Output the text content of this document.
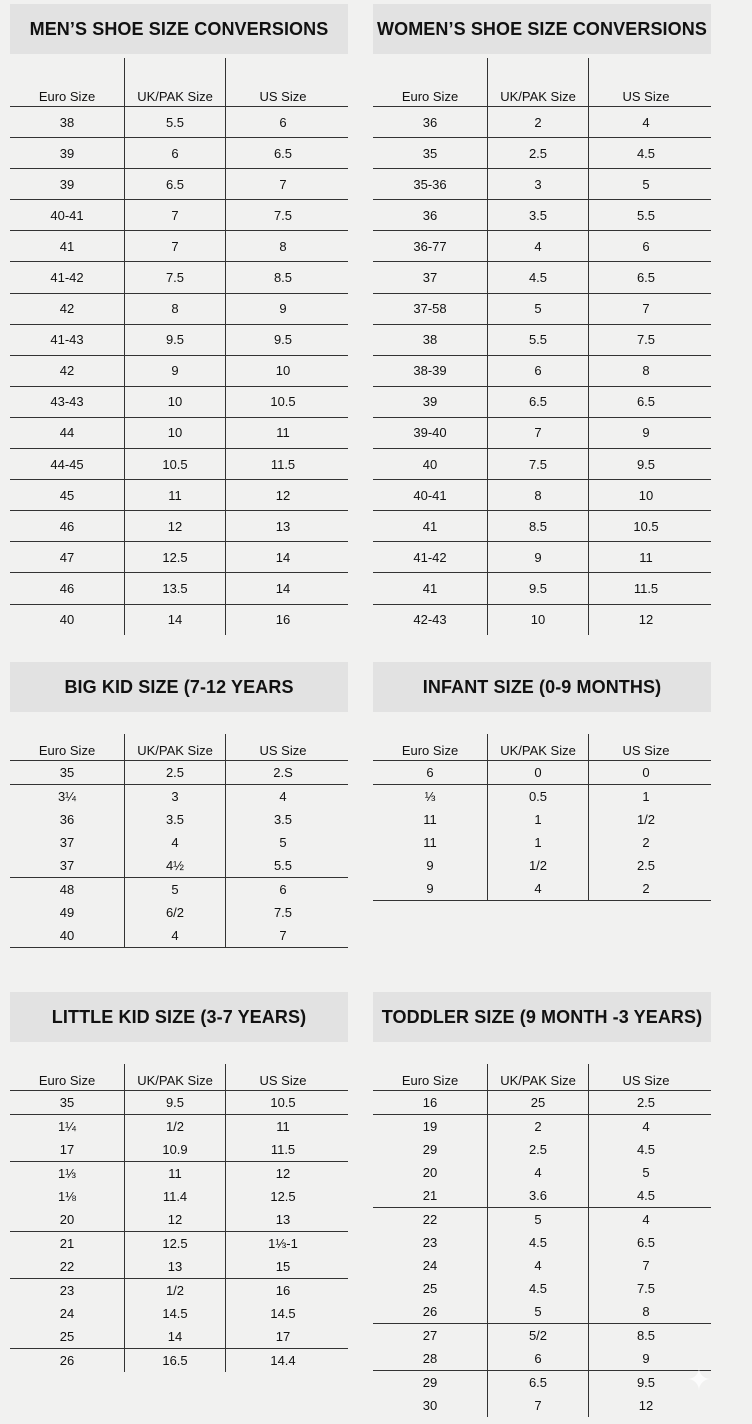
MEN’S SHOE SIZE CONVERSIONS
Euro Size	UK/PAK Size	US Size
38	5.5	6
39	6	6.5
39	6.5	7
40-41	7	7.5
41	7	8
41-42	7.5	8.5
42	8	9
41-43	9.5	9.5
42	9	10
43-43	10	10.5
44	10	11
44-45	10.5	11.5
45	11	12
46	12	13
47	12.5	14
46	13.5	14
40	14	16
WOMEN’S SHOE SIZE CONVERSIONS
Euro Size	UK/PAK Size	US Size
36	2	4
35	2.5	4.5
35-36	3	5
36	3.5	5.5
36-77	4	6
37	4.5	6.5
37-58	5	7
38	5.5	7.5
38-39	6	8
39	6.5	6.5
39-40	7	9
40	7.5	9.5
40-41	8	10
41	8.5	10.5
41-42	9	11
41	9.5	11.5
42-43	10	12
BIG KID SIZE (7-12 YEARS
Euro Size	UK/PAK Size	US Size
35	2.5	2.S
3¼	3	4
36	3.5	3.5
37	4	5
37	4½	5.5
48	5	6
49	6/2	7.5
40	4	7
INFANT SIZE (0-9 MONTHS)
Euro Size	UK/PAK Size	US Size
6	0	0
⅓	0.5	1
11	1	1/2
11	1	2
9	1/2	2.5
9	4	2
LITTLE KID SIZE (3-7 YEARS)
Euro Size	UK/PAK Size	US Size
35	9.5	10.5
1¼	1/2	11
17	10.9	11.5
1⅓	11	12
1⅛	11.4	12.5
20	12	13
21	12.5	1⅓-1
22	13	15
23	1/2	16
24	14.5	14.5
25	14	17
26	16.5	14.4
TODDLER SIZE (9 MONTH -3 YEARS)
Euro Size	UK/PAK Size	US Size
16	25	2.5
19	2	4
29	2.5	4.5
20	4	5
21	3.6	4.5
22	5	4
23	4.5	6.5
24	4	7
25	4.5	7.5
26	5	8
27	5/2	8.5
28	6	9
29	6.5	9.5
30	7	12
✦
